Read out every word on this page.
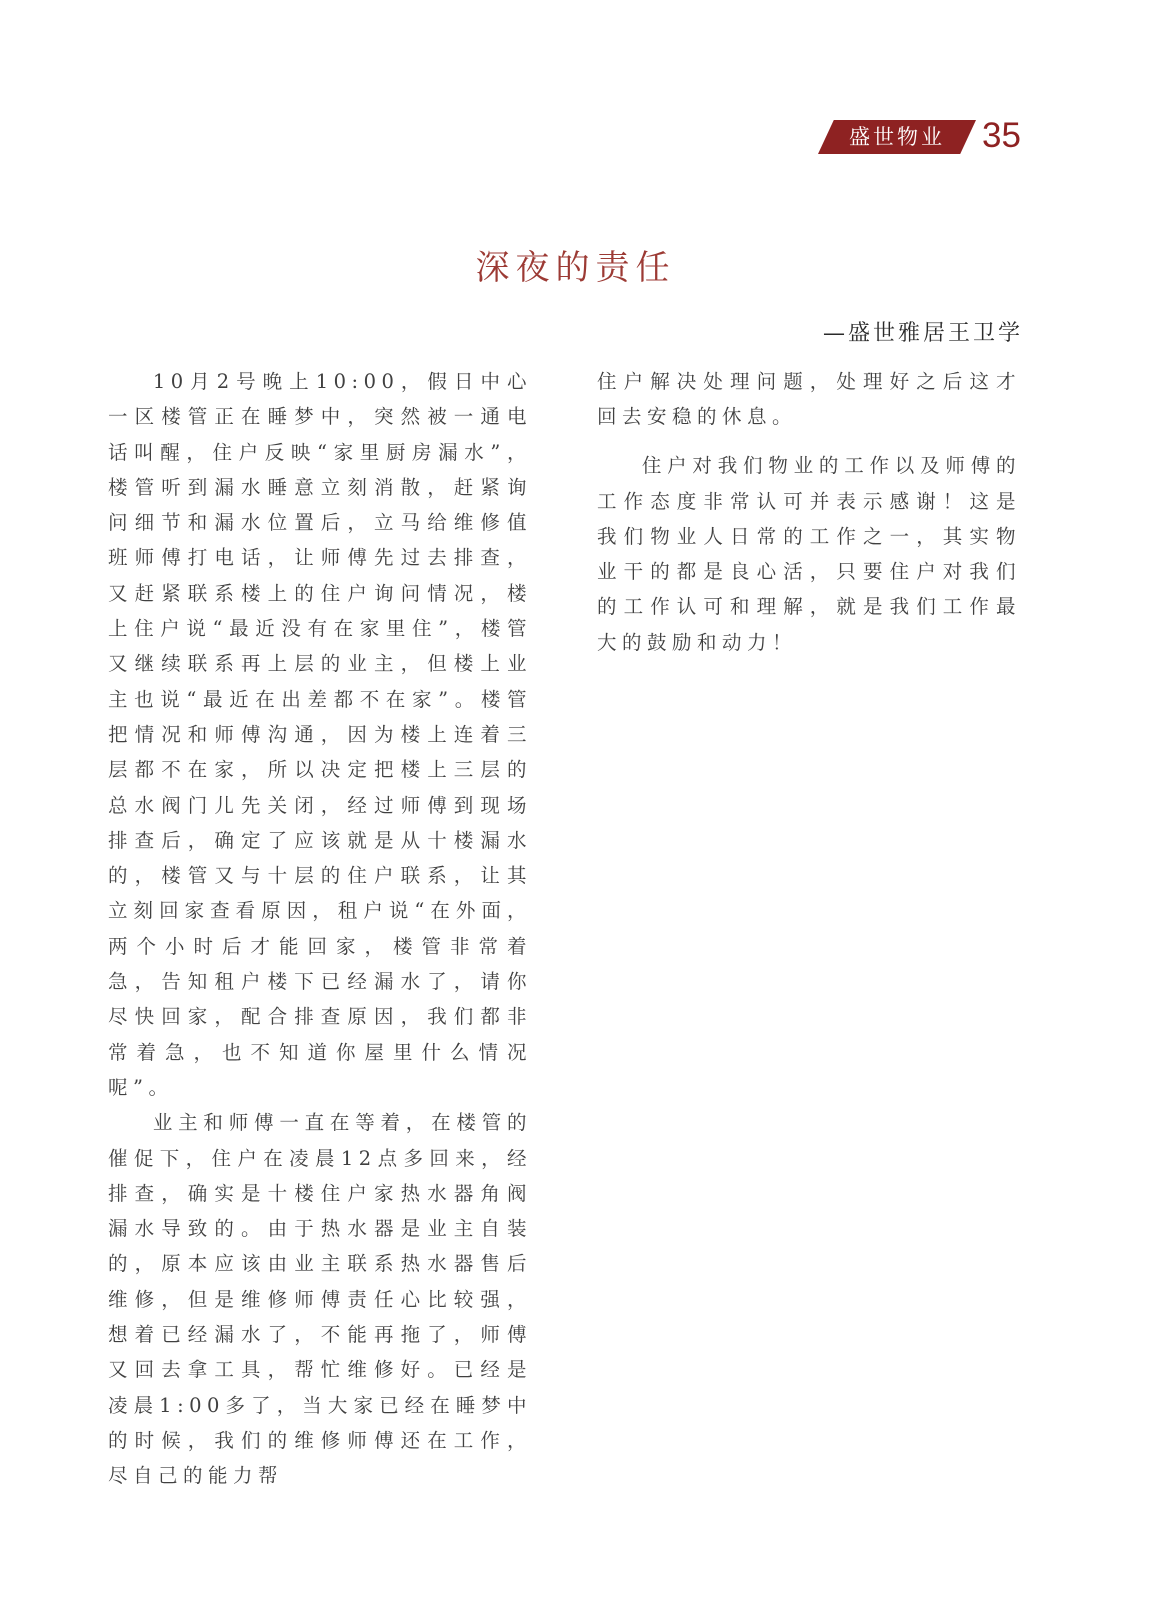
盛世物业	35
深夜的责任
—盛世雅居王卫学

10月2号晚上10:00，假日中心一区楼管正在睡梦中，突然被一通电话叫醒，住户反映“家里厨房漏水”，楼管听到漏水睡意立刻消散，赶紧询问细节和漏水位置后，立马给维修值班师傅打电话，让师傅先过去排查，又赶紧联系楼上的住户询问情况，楼上住户说“最近没有在家里住”，楼管又继续联系再上层的业主，但楼上业主也说“最近在出差都不在家”。楼管把情况和师傅沟通，因为楼上连着三层都不在家，所以决定把楼上三层的总水阀门儿先关闭，经过师傅到现场排查后，确定了应该就是从十楼漏水的，楼管又与十层的住户联系，让其立刻回家查看原因，租户说“在外面，两个小时后才能回家，楼管非常着急，告知租户楼下已经漏水了，请你尽快回家，配合排查原因，我们都非常着急，也不知道你屋里什么情况呢”。

业主和师傅一直在等着，在楼管的催促下，住户在凌晨12点多回来，经排查，确实是十楼住户家热水器角阀漏水导致的。由于热水器是业主自装的，原本应该由业主联系热水器售后维修，但是维修师傅责任心比较强，想着已经漏水了，不能再拖了，师傅又回去拿工具，帮忙维修好。已经是凌晨1:00多了，当大家已经在睡梦中的时候，我们的维修师傅还在工作，尽自己的能力帮

住户解决处理问题，处理好之后这才回去安稳的休息。

住户对我们物业的工作以及师傅的工作态度非常认可并表示感谢！这是我们物业人日常的工作之一，其实物业干的都是良心活，只要住户对我们的工作认可和理解，就是我们工作最大的鼓励和动力！
